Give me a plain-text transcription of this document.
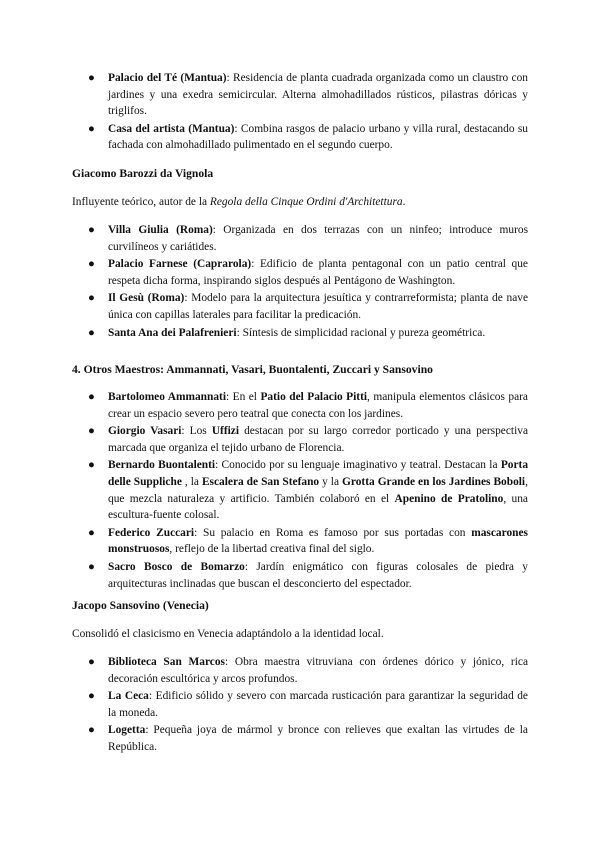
● Palacio del Té (Mantua): Residencia de planta cuadrada organizada como un claustro con jardines y una exedra semicircular. Alterna almohadillados rústicos, pilastras dóricas y triglifos.
● Casa del artista (Mantua): Combina rasgos de palacio urbano y villa rural, destacando su fachada con almohadillado pulimentado en el segundo cuerpo.
Giacomo Barozzi da Vignola

Influyente teórico, autor de la Regola della Cinque Ordini d'Architettura.

● Villa Giulia (Roma): Organizada en dos terrazas con un ninfeo; introduce muros curvilíneos y cariátides.
● Palacio Farnese (Caprarola): Edificio de planta pentagonal con un patio central que respeta dicha forma, inspirando siglos después al Pentágono de Washington.
● Il Gesù (Roma): Modelo para la arquitectura jesuítica y contrarreformista; planta de nave única con capillas laterales para facilitar la predicación.
● Santa Ana dei Palafrenieri: Síntesis de simplicidad racional y pureza geométrica.
4. Otros Maestros: Ammannati, Vasari, Buontalenti, Zuccari y Sansovino
● Bartolomeo Ammannati: En el Patio del Palacio Pitti, manipula elementos clásicos para crear un espacio severo pero teatral que conecta con los jardines.
● Giorgio Vasari: Los Uffizi destacan por su largo corredor porticado y una perspectiva marcada que organiza el tejido urbano de Florencia.
● Bernardo Buontalenti: Conocido por su lenguaje imaginativo y teatral. Destacan la Porta delle Suppliche , la Escalera de San Stefano y la Grotta Grande en los Jardines Boboli, que mezcla naturaleza y artificio. También colaboró en el Apenino de Pratolino, una escultura-fuente colosal.
● Federico Zuccari: Su palacio en Roma es famoso por sus portadas con mascarones monstruosos, reflejo de la libertad creativa final del siglo.
● Sacro Bosco de Bomarzo: Jardín enigmático con figuras colosales de piedra y arquitecturas inclinadas que buscan el desconcierto del espectador.
Jacopo Sansovino (Venecia)

Consolidó el clasicismo en Venecia adaptándolo a la identidad local.

● Biblioteca San Marcos: Obra maestra vitruviana con órdenes dórico y jónico, rica decoración escultórica y arcos profundos.
● La Ceca: Edificio sólido y severo con marcada rusticación para garantizar la seguridad de la moneda.
● Logetta: Pequeña joya de mármol y bronce con relieves que exaltan las virtudes de la República.
